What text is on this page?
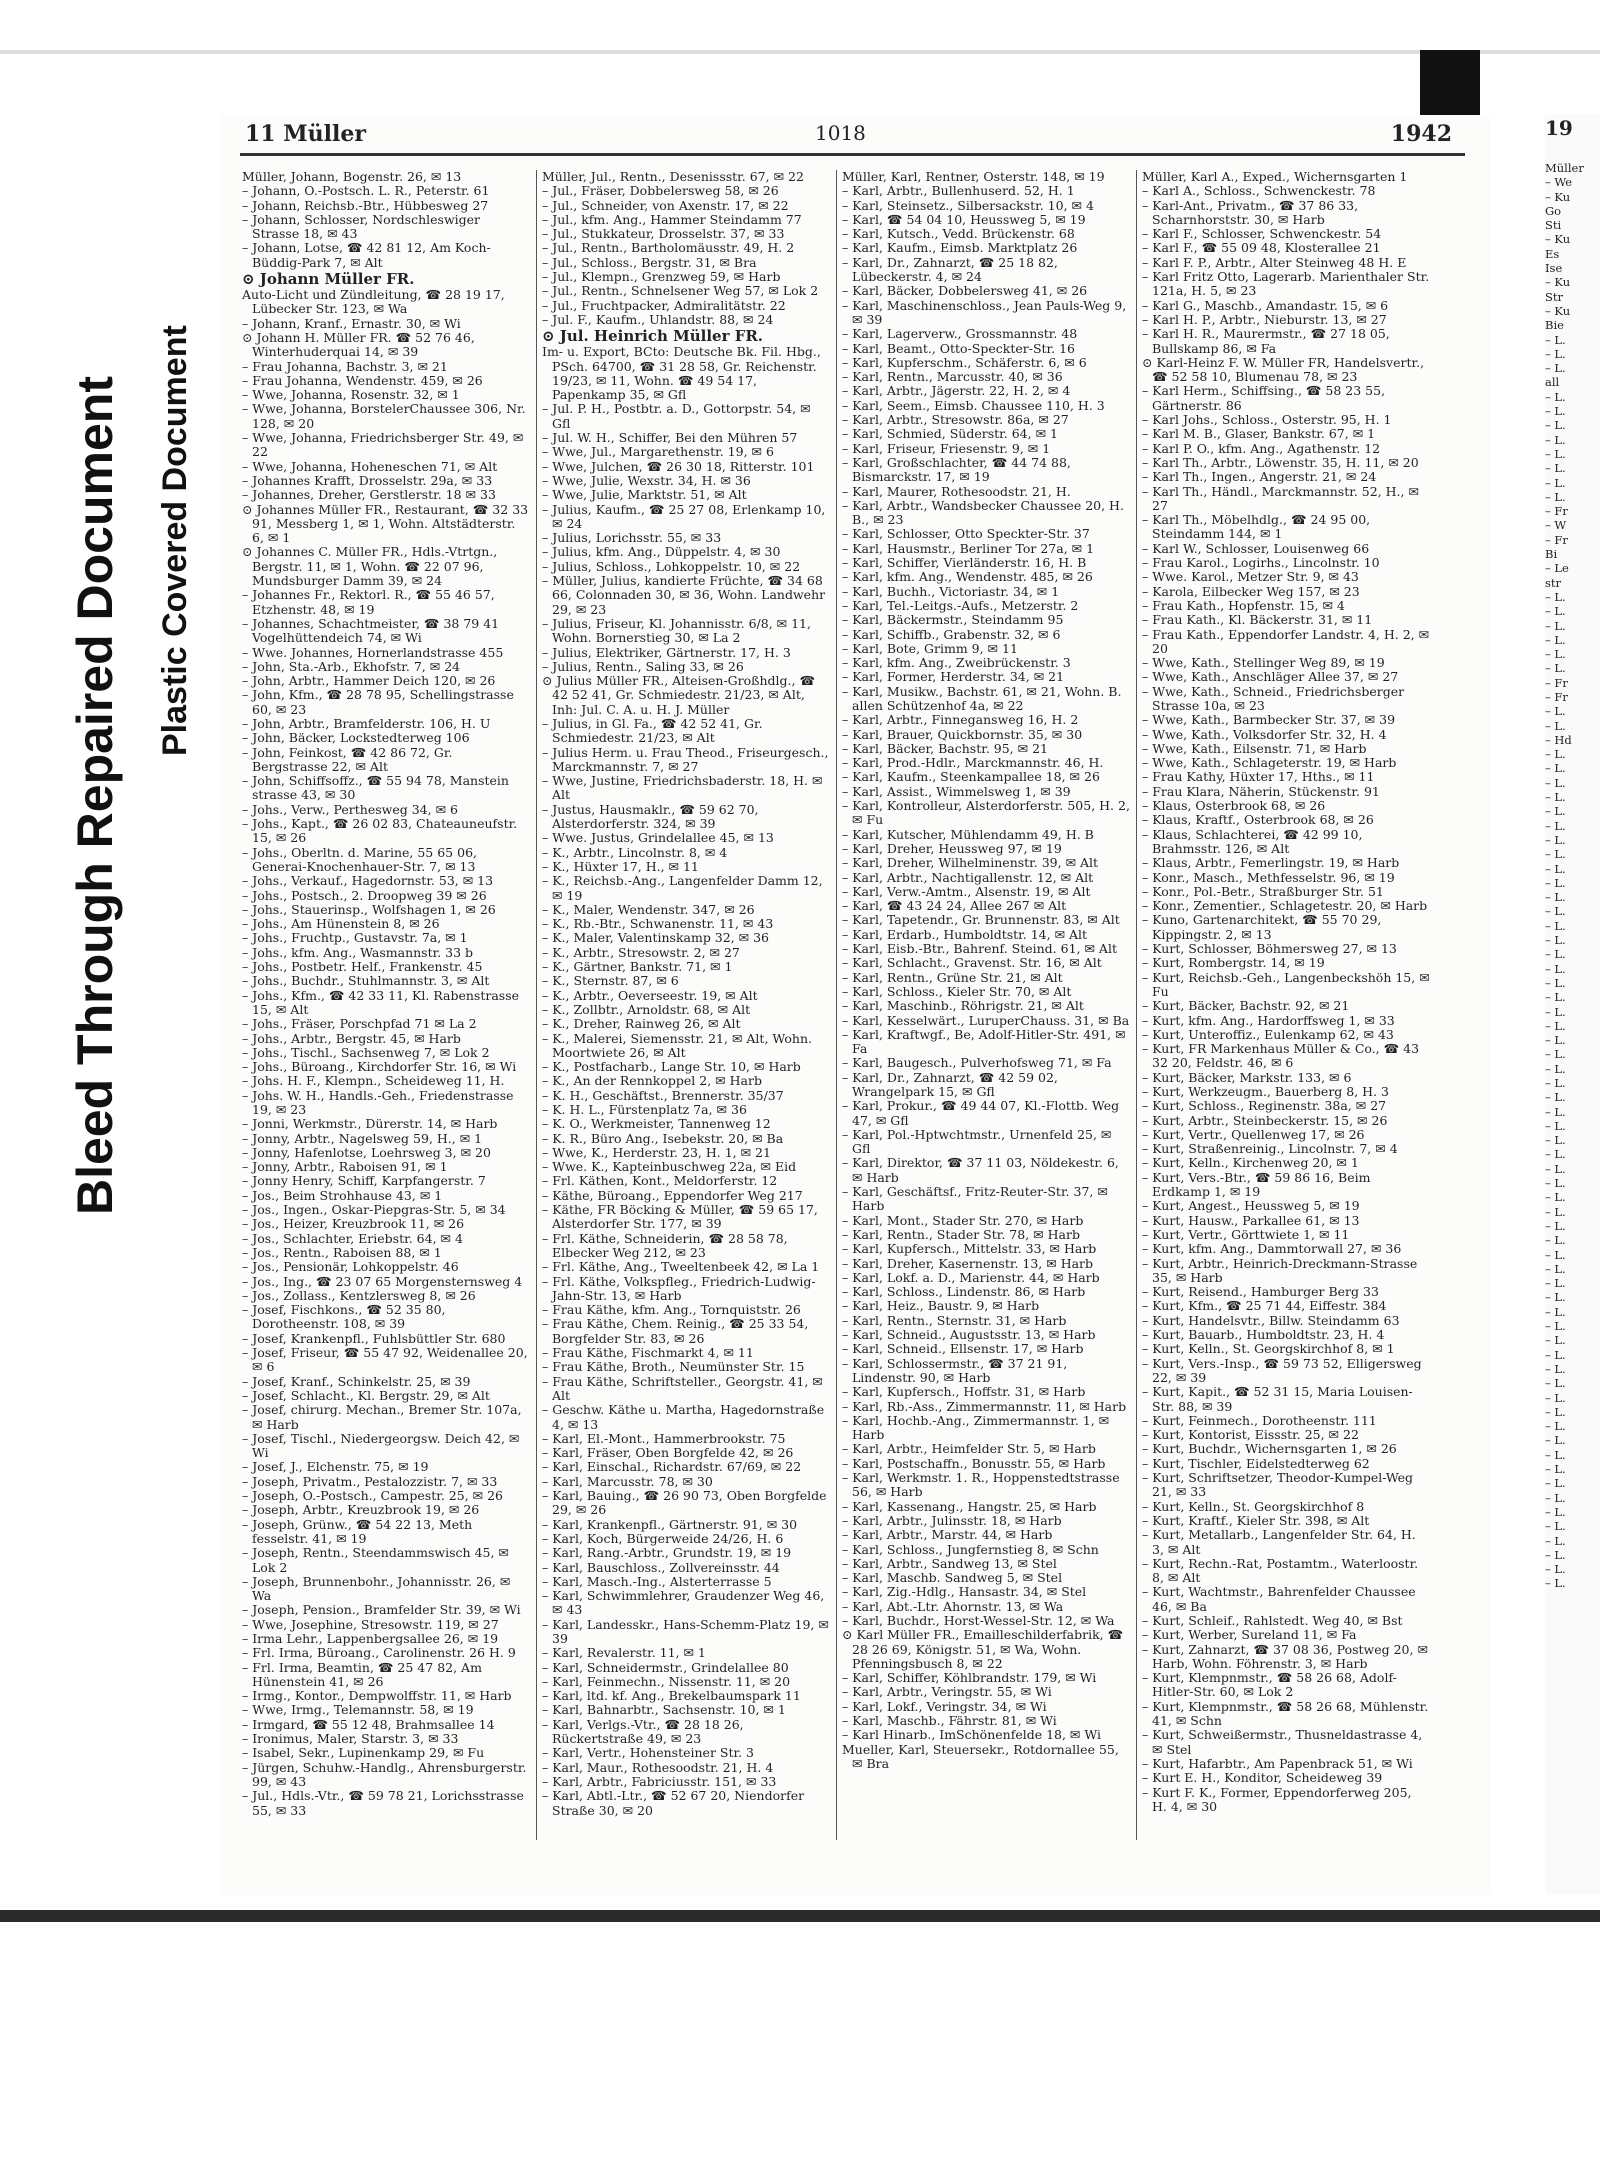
Bleed Through Repaired Document Plastic Covered Document
11 Müller	1018	1942

Müller, Johann, Bogenstr. 26, ✉ 13

– Johann, O.-Postsch. L. R., Peterstr. 61

– Johann, Reichsb.-Btr., Hübbesweg 27

– Johann, Schlosser, Nordschleswiger Strasse 18, ✉ 43

– Johann, Lotse, ☎ 42 81 12, Am Koch-Büddig-Park 7, ✉ Alt

⊙ Johann Müller FR.

Auto-Licht und Zündleitung, ☎ 28 19 17, Lübecker Str. 123, ✉ Wa

– Johann, Kranf., Ernastr. 30, ✉ Wi

⊙ Johann H. Müller FR. ☎ 52 76 46, Winterhuderquai 14, ✉ 39

– Frau Johanna, Bachstr. 3, ✉ 21

– Frau Johanna, Wendenstr. 459, ✉ 26

– Wwe, Johanna, Rosenstr. 32, ✉ 1

– Wwe, Johanna, BorstelerChaussee 306, Nr. 128, ✉ 20

– Wwe, Johanna, Friedrichsberger Str. 49, ✉ 22

– Wwe, Johanna, Hoheneschen 71, ✉ Alt

– Johannes Krafft, Drosselstr. 29a, ✉ 33

– Johannes, Dreher, Gerstlerstr. 18 ✉ 33

⊙ Johannes Müller FR., Restaurant, ☎ 32 33 91, Messberg 1, ✉ 1, Wohn. Altstädterstr. 6, ✉ 1

⊙ Johannes C. Müller FR., Hdls.-Vtrtgn., Bergstr. 11, ✉ 1, Wohn. ☎ 22 07 96, Mundsburger Damm 39, ✉ 24

– Johannes Fr., Rektorl. R., ☎ 55 46 57, Etzhenstr. 48, ✉ 19

– Johannes, Schachtmeister, ☎ 38 79 41 Vogelhüttendeich 74, ✉ Wi

– Wwe. Johannes, Hornerlandstrasse 455

– John, Sta.-Arb., Ekhofstr. 7, ✉ 24

– John, Arbtr., Hammer Deich 120, ✉ 26

– John, Kfm., ☎ 28 78 95, Schellingstrasse 60, ✉ 23

– John, Arbtr., Bramfelderstr. 106, H. U

– John, Bäcker, Lockstedterweg 106

– John, Feinkost, ☎ 42 86 72, Gr. Bergstrasse 22, ✉ Alt

– John, Schiffsoffz., ☎ 55 94 78, Manstein strasse 43, ✉ 30

– Johs., Verw., Perthesweg 34, ✉ 6

– Johs., Kapt., ☎ 26 02 83, Chateauneufstr. 15, ✉ 26

– Johs., Oberltn. d. Marine, 55 65 06, Generai-Knochenhauer-Str. 7, ✉ 13

– Johs., Verkauf., Hagedornstr. 53, ✉ 13

– Johs., Postsch., 2. Droopweg 39 ✉ 26

– Johs., Stauerinsp., Wolfshagen 1, ✉ 26

– Johs., Am Hünenstein 8, ✉ 26

– Johs., Fruchtp., Gustavstr. 7a, ✉ 1

– Johs., kfm. Ang., Wasmannstr. 33 b

– Johs., Postbetr. Helf., Frankenstr. 45

– Johs., Buchdr., Stuhlmannstr. 3, ✉ Alt

– Johs., Kfm., ☎ 42 33 11, Kl. Rabenstrasse 15, ✉ Alt

– Johs., Fräser, Porschpfad 71 ✉ La 2

– Johs., Arbtr., Bergstr. 45, ✉ Harb

– Johs., Tischl., Sachsenweg 7, ✉ Lok 2

– Johs., Büroang., Kirchdorfer Str. 16, ✉ Wi

– Johs. H. F., Klempn., Scheideweg 11, H.

– Johs. W. H., Handls.-Geh., Friedenstrasse 19, ✉ 23

– Jonni, Werkmstr., Dürerstr. 14, ✉ Harb

– Jonny, Arbtr., Nagelsweg 59, H., ✉ 1

– Jonny, Hafenlotse, Loehrsweg 3, ✉ 20

– Jonny, Arbtr., Raboisen 91, ✉ 1

– Jonny Henry, Schiff, Karpfangerstr. 7

– Jos., Beim Strohhause 43, ✉ 1

– Jos., Ingen., Oskar-Piepgras-Str. 5, ✉ 34

– Jos., Heizer, Kreuzbrook 11, ✉ 26

– Jos., Schlachter, Eriebstr. 64, ✉ 4

– Jos., Rentn., Raboisen 88, ✉ 1

– Jos., Pensionär, Lohkoppelstr. 46

– Jos., Ing., ☎ 23 07 65 Morgensternsweg 4

– Jos., Zollass., Kentzlersweg 8, ✉ 26

– Josef, Fischkons., ☎ 52 35 80, Dorotheenstr. 108, ✉ 39

– Josef, Krankenpfl., Fuhlsbüttler Str. 680

– Josef, Friseur, ☎ 55 47 92, Weidenallee 20, ✉ 6

– Josef, Kranf., Schinkelstr. 25, ✉ 39

– Josef, Schlacht., Kl. Bergstr. 29, ✉ Alt

– Josef, chirurg. Mechan., Bremer Str. 107a, ✉ Harb

– Josef, Tischl., Niedergeorgsw. Deich 42, ✉ Wi

– Josef, J., Elchenstr. 75, ✉ 19

– Joseph, Privatm., Pestalozzistr. 7, ✉ 33

– Joseph, O.-Postsch., Campestr. 25, ✉ 26

– Joseph, Arbtr., Kreuzbrook 19, ✉ 26

– Joseph, Grünw., ☎ 54 22 13, Meth fesselstr. 41, ✉ 19

– Joseph, Rentn., Steendammswisch 45, ✉ Lok 2

– Joseph, Brunnenbohr., Johannisstr. 26, ✉ Wa

– Joseph, Pension., Bramfelder Str. 39, ✉ Wi

– Wwe, Josephine, Stresowstr. 119, ✉ 27

– Irma Lehr., Lappenbergsallee 26, ✉ 19

– Frl. Irma, Büroang., Carolinenstr. 26 H. 9

– Frl. Irma, Beamtin, ☎ 25 47 82, Am Hünenstein 41, ✉ 26

– Irmg., Kontor., Dempwolffstr. 11, ✉ Harb

– Wwe, Irmg., Telemannstr. 58, ✉ 19

– Irmgard, ☎ 55 12 48, Brahmsallee 14

– Ironimus, Maler, Starstr. 3, ✉ 33

– Isabel, Sekr., Lupinenkamp 29, ✉ Fu

– Jürgen, Schuhw.-Handlg., Ahrensburgerstr. 99, ✉ 43

– Jul., Hdls.-Vtr., ☎ 59 78 21, Lorichsstrasse 55, ✉ 33

Müller, Jul., Rentn., Desenissstr. 67, ✉ 22

– Jul., Fräser, Dobbelersweg 58, ✉ 26

– Jul., Schneider, von Axenstr. 17, ✉ 22

– Jul., kfm. Ang., Hammer Steindamm 77

– Jul., Stukkateur, Drosselstr. 37, ✉ 33

– Jul., Rentn., Bartholomäusstr. 49, H. 2

– Jul., Schloss., Bergstr. 31, ✉ Bra

– Jul., Klempn., Grenzweg 59, ✉ Harb

– Jul., Rentn., Schnelsener Weg 57, ✉ Lok 2

– Jul., Fruchtpacker, Admiralitätstr. 22

– Jul. F., Kaufm., Uhlandstr. 88, ✉ 24

⊙ Jul. Heinrich Müller FR.

Im- u. Export, BCto: Deutsche Bk. Fil. Hbg., PSch. 64700, ☎ 31 28 58, Gr. Reichenstr. 19/23, ✉ 11, Wohn. ☎ 49 54 17, Papenkamp 35, ✉ Gfl

– Jul. P. H., Postbtr. a. D., Gottorpstr. 54, ✉ Gfl

– Jul. W. H., Schiffer, Bei den Mühren 57

– Wwe, Jul., Margarethenstr. 19, ✉ 6

– Wwe, Julchen, ☎ 26 30 18, Ritterstr. 101

– Wwe, Julie, Wexstr. 34, H. ✉ 36

– Wwe, Julie, Marktstr. 51, ✉ Alt

– Julius, Kaufm., ☎ 25 27 08, Erlenkamp 10, ✉ 24

– Julius, Lorichsstr. 55, ✉ 33

– Julius, kfm. Ang., Düppelstr. 4, ✉ 30

– Julius, Schloss., Lohkoppelstr. 10, ✉ 22

– Müller, Julius, kandierte Früchte, ☎ 34 68 66, Colonnaden 30, ✉ 36, Wohn. Landwehr 29, ✉ 23

– Julius, Friseur, Kl. Johannisstr. 6/8, ✉ 11, Wohn. Bornerstieg 30, ✉ La 2

– Julius, Elektriker, Gärtnerstr. 17, H. 3

– Julius, Rentn., Saling 33, ✉ 26

⊙ Julius Müller FR., Alteisen-Großhdlg., ☎ 42 52 41, Gr. Schmiedestr. 21/23, ✉ Alt, Inh: Jul. C. A. u. H. J. Müller

– Julius, in Gl. Fa., ☎ 42 52 41, Gr. Schmiedestr. 21/23, ✉ Alt

– Julius Herm. u. Frau Theod., Friseurgesch., Marckmannstr. 7, ✉ 27

– Wwe, Justine, Friedrichsbaderstr. 18, H. ✉ Alt

– Justus, Hausmaklr., ☎ 59 62 70, Alsterdorferstr. 324, ✉ 39

– Wwe. Justus, Grindelallee 45, ✉ 13

– K., Arbtr., Lincolnstr. 8, ✉ 4

– K., Hüxter 17, H., ✉ 11

– K., Reichsb.-Ang., Langenfelder Damm 12, ✉ 19

– K., Maler, Wendenstr. 347, ✉ 26

– K., Rb.-Btr., Schwanenstr. 11, ✉ 43

– K., Maler, Valentinskamp 32, ✉ 36

– K., Arbtr., Stresowstr. 2, ✉ 27

– K., Gärtner, Bankstr. 71, ✉ 1

– K., Sternstr. 87, ✉ 6

– K., Arbtr., Oeverseestr. 19, ✉ Alt

– K., Zollbtr., Arnoldstr. 68, ✉ Alt

– K., Dreher, Rainweg 26, ✉ Alt

– K., Malerei, Siemensstr. 21, ✉ Alt, Wohn. Moortwiete 26, ✉ Alt

– K., Postfacharb., Lange Str. 10, ✉ Harb

– K., An der Rennkoppel 2, ✉ Harb

– K. H., Geschäftst., Brennerstr. 35/37

– K. H. L., Fürstenplatz 7a, ✉ 36

– K. O., Werkmeister, Tannenweg 12

– K. R., Büro Ang., Isebekstr. 20, ✉ Ba

– Wwe, K., Herderstr. 23, H. 1, ✉ 21

– Wwe. K., Kapteinbuschweg 22a, ✉ Eid

– Frl. Käthen, Kont., Meldorferstr. 12

– Käthe, Büroang., Eppendorfer Weg 217

– Käthe, FR Böcking & Müller, ☎ 59 65 17, Alsterdorfer Str. 177, ✉ 39

– Frl. Käthe, Schneiderin, ☎ 28 58 78, Elbecker Weg 212, ✉ 23

– Frl. Käthe, Ang., Tweeltenbeek 42, ✉ La 1

– Frl. Käthe, Volkspfleg., Friedrich-Ludwig-Jahn-Str. 13, ✉ Harb

– Frau Käthe, kfm. Ang., Tornquiststr. 26

– Frau Käthe, Chem. Reinig., ☎ 25 33 54, Borgfelder Str. 83, ✉ 26

– Frau Käthe, Fischmarkt 4, ✉ 11

– Frau Käthe, Broth., Neumünster Str. 15

– Frau Käthe, Schriftsteller., Georgstr. 41, ✉ Alt

– Geschw. Käthe u. Martha, Hagedornstraße 4, ✉ 13

– Karl, El.-Mont., Hammerbrookstr. 75

– Karl, Fräser, Oben Borgfelde 42, ✉ 26

– Karl, Einschal., Richardstr. 67/69, ✉ 22

– Karl, Marcusstr. 78, ✉ 30

– Karl, Bauing., ☎ 26 90 73, Oben Borgfelde 29, ✉ 26

– Karl, Krankenpfl., Gärtnerstr. 91, ✉ 30

– Karl, Koch, Bürgerweide 24/26, H. 6

– Karl, Rang.-Arbtr., Grundstr. 19, ✉ 19

– Karl, Bauschloss., Zollvereinsstr. 44

– Karl, Masch.-Ing., Alsterterrasse 5

– Karl, Schwimmlehrer, Graudenzer Weg 46, ✉ 43

– Karl, Landesskr., Hans-Schemm-Platz 19, ✉ 39

– Karl, Revalerstr. 11, ✉ 1

– Karl, Schneidermstr., Grindelallee 80

– Karl, Feinmechn., Nissenstr. 11, ✉ 20

– Karl, ltd. kf. Ang., Brekelbaumspark 11

– Karl, Bahnarbtr., Sachsenstr. 10, ✉ 1

– Karl, Verlgs.-Vtr., ☎ 28 18 26, Rückertstraße 49, ✉ 23

– Karl, Vertr., Hohensteiner Str. 3

– Karl, Maur., Rothesoodstr. 21, H. 4

– Karl, Arbtr., Fabriciusstr. 151, ✉ 33

– Karl, Abtl.-Ltr., ☎ 52 67 20, Niendorfer Straße 30, ✉ 20

Müller, Karl, Rentner, Osterstr. 148, ✉ 19

– Karl, Arbtr., Bullenhuserd. 52, H. 1

– Karl, Steinsetz., Silbersackstr. 10, ✉ 4

– Karl, ☎ 54 04 10, Heussweg 5, ✉ 19

– Karl, Kutsch., Vedd. Brückenstr. 68

– Karl, Kaufm., Eimsb. Marktplatz 26

– Karl, Dr., Zahnarzt, ☎ 25 18 82, Lübeckerstr. 4, ✉ 24

– Karl, Bäcker, Dobbelersweg 41, ✉ 26

– Karl, Maschinenschloss., Jean Pauls-Weg 9, ✉ 39

– Karl, Lagerverw., Grossmannstr. 48

– Karl, Beamt., Otto-Speckter-Str. 16

– Karl, Kupferschm., Schäferstr. 6, ✉ 6

– Karl, Rentn., Marcusstr. 40, ✉ 36

– Karl, Arbtr., Jägerstr. 22, H. 2, ✉ 4

– Karl, Seem., Eimsb. Chaussee 110, H. 3

– Karl, Arbtr., Stresowstr. 86a, ✉ 27

– Karl, Schmied, Süderstr. 64, ✉ 1

– Karl, Friseur, Friesenstr. 9, ✉ 1

– Karl, Großschlachter, ☎ 44 74 88, Bismarckstr. 17, ✉ 19

– Karl, Maurer, Rothesoodstr. 21, H.

– Karl, Arbtr., Wandsbecker Chaussee 20, H. B., ✉ 23

– Karl, Schlosser, Otto Speckter-Str. 37

– Karl, Hausmstr., Berliner Tor 27a, ✉ 1

– Karl, Schiffer, Vierländerstr. 16, H. B

– Karl, kfm. Ang., Wendenstr. 485, ✉ 26

– Karl, Buchh., Victoriastr. 34, ✉ 1

– Karl, Tel.-Leitgs.-Aufs., Metzerstr. 2

– Karl, Bäckermstr., Steindamm 95

– Karl, Schiffb., Grabenstr. 32, ✉ 6

– Karl, Bote, Grimm 9, ✉ 11

– Karl, kfm. Ang., Zweibrückenstr. 3

– Karl, Former, Herderstr. 34, ✉ 21

– Karl, Musikw., Bachstr. 61, ✉ 21, Wohn. B. allen Schützenhof 4a, ✉ 22

– Karl, Arbtr., Finnegansweg 16, H. 2

– Karl, Brauer, Quickbornstr. 35, ✉ 30

– Karl, Bäcker, Bachstr. 95, ✉ 21

– Karl, Prod.-Hdlr., Marckmannstr. 46, H.

– Karl, Kaufm., Steenkampallee 18, ✉ 26

– Karl, Assist., Wimmelsweg 1, ✉ 39

– Karl, Kontrolleur, Alsterdorferstr. 505, H. 2, ✉ Fu

– Karl, Kutscher, Mühlendamm 49, H. B

– Karl, Dreher, Heussweg 97, ✉ 19

– Karl, Dreher, Wilhelminenstr. 39, ✉ Alt

– Karl, Arbtr., Nachtigallenstr. 12, ✉ Alt

– Karl, Verw.-Amtm., Alsenstr. 19, ✉ Alt

– Karl, ☎ 43 24 24, Allee 267 ✉ Alt

– Karl, Tapetendr., Gr. Brunnenstr. 83, ✉ Alt

– Karl, Erdarb., Humboldtstr. 14, ✉ Alt

– Karl, Eisb.-Btr., Bahrenf. Steind. 61, ✉ Alt

– Karl, Schlacht., Gravenst. Str. 16, ✉ Alt

– Karl, Rentn., Grüne Str. 21, ✉ Alt

– Karl, Schloss., Kieler Str. 70, ✉ Alt

– Karl, Maschinb., Röhrigstr. 21, ✉ Alt

– Karl, Kesselwärt., LuruperChauss. 31, ✉ Ba

– Karl, Kraftwgf., Be, Adolf-Hitler-Str. 491, ✉ Fa

– Karl, Baugesch., Pulverhofsweg 71, ✉ Fa

– Karl, Dr., Zahnarzt, ☎ 42 59 02, Wrangelpark 15, ✉ Gfl

– Karl, Prokur., ☎ 49 44 07, Kl.-Flottb. Weg 47, ✉ Gfl

– Karl, Pol.-Hptwchtmstr., Urnenfeld 25, ✉ Gfl

– Karl, Direktor, ☎ 37 11 03, Nöldekestr. 6, ✉ Harb

– Karl, Geschäftsf., Fritz-Reuter-Str. 37, ✉ Harb

– Karl, Mont., Stader Str. 270, ✉ Harb

– Karl, Rentn., Stader Str. 78, ✉ Harb

– Karl, Kupfersch., Mittelstr. 33, ✉ Harb

– Karl, Dreher, Kasernenstr. 13, ✉ Harb

– Karl, Lokf. a. D., Marienstr. 44, ✉ Harb

– Karl, Schloss., Lindenstr. 86, ✉ Harb

– Karl, Heiz., Baustr. 9, ✉ Harb

– Karl, Rentn., Sternstr. 31, ✉ Harb

– Karl, Schneid., Augustsstr. 13, ✉ Harb

– Karl, Schneid., Ellsenstr. 17, ✉ Harb

– Karl, Schlossermstr., ☎ 37 21 91, Lindenstr. 90, ✉ Harb

– Karl, Kupfersch., Hoffstr. 31, ✉ Harb

– Karl, Rb.-Ass., Zimmermannstr. 11, ✉ Harb

– Karl, Hochb.-Ang., Zimmermannstr. 1, ✉ Harb

– Karl, Arbtr., Heimfelder Str. 5, ✉ Harb

– Karl, Postschaffn., Bonusstr. 55, ✉ Harb

– Karl, Werkmstr. 1. R., Hoppenstedtstrasse 56, ✉ Harb

– Karl, Kassenang., Hangstr. 25, ✉ Harb

– Karl, Arbtr., Julinsstr. 18, ✉ Harb

– Karl, Arbtr., Marstr. 44, ✉ Harb

– Karl, Schloss., Jungfernstieg 8, ✉ Schn

– Karl, Arbtr., Sandweg 13, ✉ Stel

– Karl, Maschb. Sandweg 5, ✉ Stel

– Karl, Zig.-Hdlg., Hansastr. 34, ✉ Stel

– Karl, Abt.-Ltr. Ahornstr. 13, ✉ Wa

– Karl, Buchdr., Horst-Wessel-Str. 12, ✉ Wa

⊙ Karl Müller FR., Emailleschilderfabrik, ☎ 28 26 69, Königstr. 51, ✉ Wa, Wohn. Pfenningsbusch 8, ✉ 22

– Karl, Schiffer, Köhlbrandstr. 179, ✉ Wi

– Karl, Arbtr., Veringstr. 55, ✉ Wi

– Karl, Lokf., Veringstr. 34, ✉ Wi

– Karl, Maschb., Fährstr. 81, ✉ Wi

– Karl Hinarb., ImSchönenfelde 18, ✉ Wi

Mueller, Karl, Steuersekr., Rotdornallee 55, ✉ Bra

Müller, Karl A., Exped., Wichernsgarten 1

– Karl A., Schloss., Schwenckestr. 78

– Karl-Ant., Privatm., ☎ 37 86 33, Scharnhorststr. 30, ✉ Harb

– Karl F., Schlosser, Schwenckestr. 54

– Karl F., ☎ 55 09 48, Klosterallee 21

– Karl F. P., Arbtr., Alter Steinweg 48 H. E

– Karl Fritz Otto, Lagerarb. Marienthaler Str. 121a, H. 5, ✉ 23

– Karl G., Maschb., Amandastr. 15, ✉ 6

– Karl H. P., Arbtr., Nieburstr. 13, ✉ 27

– Karl H. R., Maurermstr., ☎ 27 18 05, Bullskamp 86, ✉ Fa

⊙ Karl-Heinz F. W. Müller FR, Handelsvertr., ☎ 52 58 10, Blumenau 78, ✉ 23

– Karl Herm., Schiffsing., ☎ 58 23 55, Gärtnerstr. 86

– Karl Johs., Schloss., Osterstr. 95, H. 1

– Karl M. B., Glaser, Bankstr. 67, ✉ 1

– Karl P. O., kfm. Ang., Agathenstr. 12

– Karl Th., Arbtr., Löwenstr. 35, H. 11, ✉ 20

– Karl Th., Ingen., Angerstr. 21, ✉ 24

– Karl Th., Händl., Marckmannstr. 52, H., ✉ 27

– Karl Th., Möbelhdlg., ☎ 24 95 00, Steindamm 144, ✉ 1

– Karl W., Schlosser, Louisenweg 66

– Frau Karol., Logirhs., Lincolnstr. 10

– Wwe. Karol., Metzer Str. 9, ✉ 43

– Karola, Eilbecker Weg 157, ✉ 23

– Frau Kath., Hopfenstr. 15, ✉ 4

– Frau Kath., Kl. Bäckerstr. 31, ✉ 11

– Frau Kath., Eppendorfer Landstr. 4, H. 2, ✉ 20

– Wwe, Kath., Stellinger Weg 89, ✉ 19

– Wwe, Kath., Anschläger Allee 37, ✉ 27

– Wwe, Kath., Schneid., Friedrichsberger Strasse 10a, ✉ 23

– Wwe, Kath., Barmbecker Str. 37, ✉ 39

– Wwe, Kath., Volksdorfer Str. 32, H. 4

– Wwe, Kath., Eilsenstr. 71, ✉ Harb

– Wwe, Kath., Schlageterstr. 19, ✉ Harb

– Frau Kathy, Hüxter 17, Hths., ✉ 11

– Frau Klara, Näherin, Stückenstr. 91

– Klaus, Osterbrook 68, ✉ 26

– Klaus, Kraftf., Osterbrook 68, ✉ 26

– Klaus, Schlachterei, ☎ 42 99 10, Brahmsstr. 126, ✉ Alt

– Klaus, Arbtr., Femerlingstr. 19, ✉ Harb

– Konr., Masch., Methfesselstr. 96, ✉ 19

– Konr., Pol.-Betr., Straßburger Str. 51

– Konr., Zementier., Schlagetestr. 20, ✉ Harb

– Kuno, Gartenarchitekt, ☎ 55 70 29, Kippingstr. 2, ✉ 13

– Kurt, Schlosser, Böhmersweg 27, ✉ 13

– Kurt, Rombergstr. 14, ✉ 19

– Kurt, Reichsb.-Geh., Langenbeckshöh 15, ✉ Fu

– Kurt, Bäcker, Bachstr. 92, ✉ 21

– Kurt, kfm. Ang., Hardorffsweg 1, ✉ 33

– Kurt, Unteroffiz., Eulenkamp 62, ✉ 43

– Kurt, FR Markenhaus Müller & Co., ☎ 43 32 20, Feldstr. 46, ✉ 6

– Kurt, Bäcker, Markstr. 133, ✉ 6

– Kurt, Werkzeugm., Bauerberg 8, H. 3

– Kurt, Schloss., Reginenstr. 38a, ✉ 27

– Kurt, Arbtr., Steinbeckerstr. 15, ✉ 26

– Kurt, Vertr., Quellenweg 17, ✉ 26

– Kurt, Straßenreinig., Lincolnstr. 7, ✉ 4

– Kurt, Kelln., Kirchenweg 20, ✉ 1

– Kurt, Vers.-Btr., ☎ 59 86 16, Beim Erdkamp 1, ✉ 19

– Kurt, Angest., Heussweg 5, ✉ 19

– Kurt, Hausw., Parkallee 61, ✉ 13

– Kurt, Vertr., Görttwiete 1, ✉ 11

– Kurt, kfm. Ang., Dammtorwall 27, ✉ 36

– Kurt, Arbtr., Heinrich-Dreckmann-Strasse 35, ✉ Harb

– Kurt, Reisend., Hamburger Berg 33

– Kurt, Kfm., ☎ 25 71 44, Eiffestr. 384

– Kurt, Handelsvtr., Billw. Steindamm 63

– Kurt, Bauarb., Humboldtstr. 23, H. 4

– Kurt, Kelln., St. Georgskirchhof 8, ✉ 1

– Kurt, Vers.-Insp., ☎ 59 73 52, Elligersweg 22, ✉ 39

– Kurt, Kapit., ☎ 52 31 15, Maria Louisen-Str. 88, ✉ 39

– Kurt, Feinmech., Dorotheenstr. 111

– Kurt, Kontorist, Eissstr. 25, ✉ 22

– Kurt, Buchdr., Wichernsgarten 1, ✉ 26

– Kurt, Tischler, Eidelstedterweg 62

– Kurt, Schriftsetzer, Theodor-Kumpel-Weg 21, ✉ 33

– Kurt, Kelln., St. Georgskirchhof 8

– Kurt, Kraftf., Kieler Str. 398, ✉ Alt

– Kurt, Metallarb., Langenfelder Str. 64, H. 3, ✉ Alt

– Kurt, Rechn.-Rat, Postamtm., Waterloostr. 8, ✉ Alt

– Kurt, Wachtmstr., Bahrenfelder Chaussee 46, ✉ Ba

– Kurt, Schleif., Rahlstedt. Weg 40, ✉ Bst

– Kurt, Werber, Sureland 11, ✉ Fa

– Kurt, Zahnarzt, ☎ 37 08 36, Postweg 20, ✉ Harb, Wohn. Föhrenstr. 3, ✉ Harb

– Kurt, Klempnmstr., ☎ 58 26 68, Adolf-Hitler-Str. 60, ✉ Lok 2

– Kurt, Klempnmstr., ☎ 58 26 68, Mühlenstr. 41, ✉ Schn

– Kurt, Schweißermstr., Thusneldastrasse 4, ✉ Stel

– Kurt, Hafarbtr., Am Papenbrack 51, ✉ Wi

– Kurt E. H., Konditor, Scheideweg 39

– Kurt F. K., Former, Eppendorferweg 205, H. 4, ✉ 30

19
Müller
– We
– Ku
Go
Sti
– Ku
Es
Ise
– Ku
Str
– Ku
Bie
– L.
– L.
– L.
all
– L.
– L.
– L.
– L.
– L.
– L.
– L.
– L.
– Fr
– W
– Fr
Bi
– Le
str
– L.
– L.
– L.
– L.
– L.
– L.
– Fr
– Fr
– L.
– L.
– Hd
– L.
– L.
– L.
– L.
– L.
– L.
– L.
– L.
– L.
– L.
– L.
– L.
– L.
– L.
– L.
– L.
– L.
– L.
– L.
– L.
– L.
– L.
– L.
– L.
– L.
– L.
– L.
– L.
– L.
– L.
– L.
– L.
– L.
– L.
– L.
– L.
– L.
– L.
– L.
– L.
– L.
– L.
– L.
– L.
– L.
– L.
– L.
– L.
– L.
– L.
– L.
– L.
– L.
– L.
– L.
– L.
– L.
– L.
– L.
